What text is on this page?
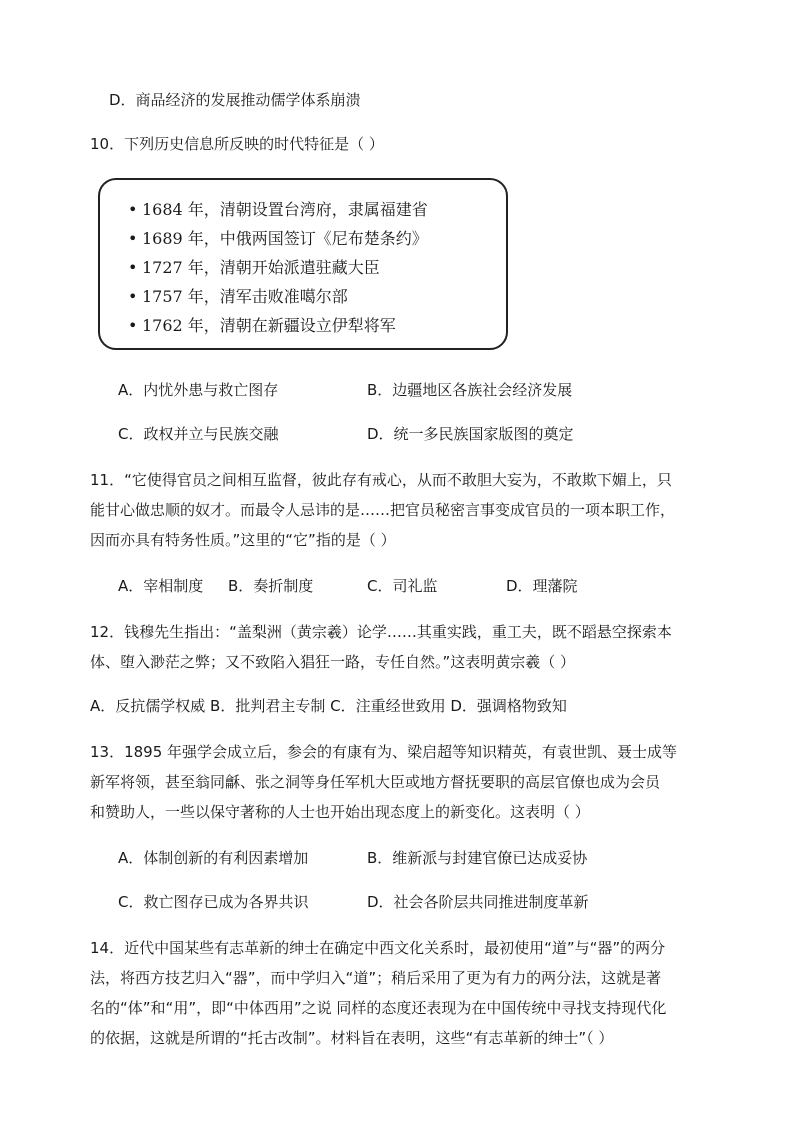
D．商品经济的发展推动儒学体系崩溃
10．下列历史信息所反映的时代特征是（ ）
• 1684 年，清朝设置台湾府，隶属福建省
• 1689 年，中俄两国签订《尼布楚条约》
• 1727 年，清朝开始派遣驻藏大臣
• 1757 年，清军击败准噶尔部
• 1762 年，清朝在新疆设立伊犁将军
A．内忧外患与救亡图存	B．边疆地区各族社会经济发展
C．政权并立与民族交融	D．统一多民族国家版图的奠定
11．“它使得官员之间相互监督，彼此存有戒心，从而不敢胆大妄为，不敢欺下媚上，只
能甘心做忠顺的奴才。而最令人忌讳的是……把官员秘密言事变成官员的一项本职工作，
因而亦具有特务性质。”这里的“它”指的是（ ）
A．宰相制度 B．奏折制度	C．司礼监	D．理藩院
12．钱穆先生指出：“盖梨洲（黄宗羲）论学……其重实践，重工夫，既不蹈悬空探索本
体、堕入渺茫之弊；又不致陷入猖狂一路，专任自然。”这表明黄宗羲（ ）
A．反抗儒学权威 B．批判君主专制 C．注重经世致用 D．强调格物致知
13．1895 年强学会成立后，参会的有康有为、梁启超等知识精英，有袁世凯、聂士成等
新军将领，甚至翁同龢、张之洞等身任军机大臣或地方督抚要职的高层官僚也成为会员
和赞助人，一些以保守著称的人士也开始出现态度上的新变化。这表明（ ）
A．体制创新的有利因素增加	B．维新派与封建官僚已达成妥协
C．救亡图存已成为各界共识	D．社会各阶层共同推进制度革新
14．近代中国某些有志革新的绅士在确定中西文化关系时，最初使用“道”与“器”的两分
法，将西方技艺归入“器”，而中学归入“道”；稍后采用了更为有力的两分法，这就是著
名的“体”和“用”，即“中体西用”之说 同样的态度还表现为在中国传统中寻找支持现代化
的依据，这就是所谓的“托古改制”。材料旨在表明，这些“有志革新的绅士”（ ）
